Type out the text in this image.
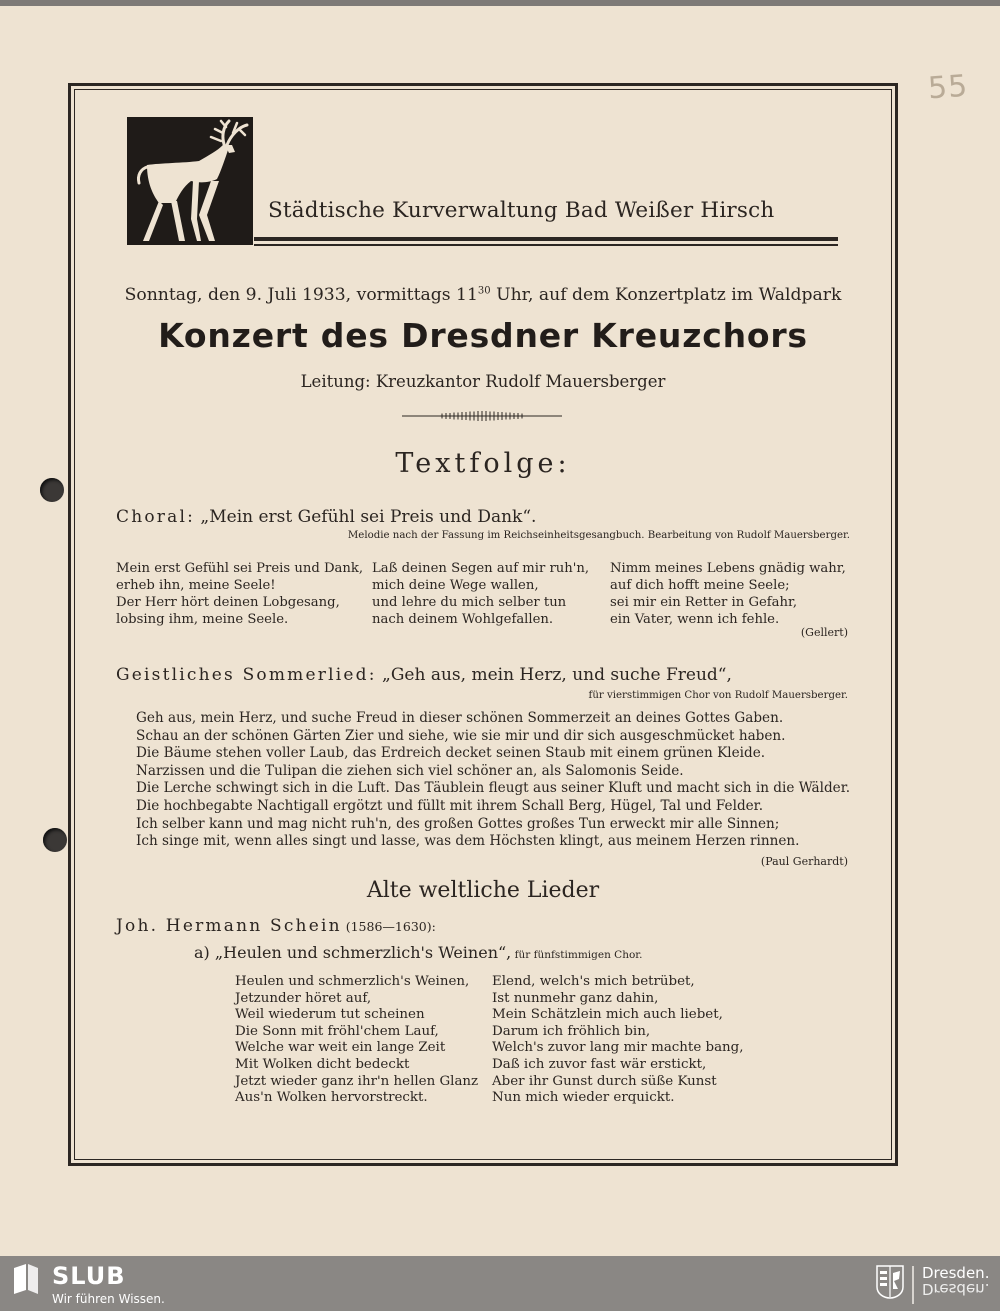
55
Städtische Kurverwaltung Bad Weißer Hirsch
Sonntag, den 9. Juli 1933, vormittags $11^{30}$ Uhr, auf dem Konzertplatz im Waldpark
Konzert des Dresdner Kreuzchors
Leitung: Kreuzkantor Rudolf Mauersberger
Textfolge:
Choral: „Mein erst Gefühl sei Preis und Dank“.
Melodie nach der Fassung im Reichseinheitsgesangbuch. Bearbeitung von Rudolf Mauersberger.
Mein erst Gefühl sei Preis und Dank,
erheb ihn, meine Seele!
Der Herr hört deinen Lobgesang,
lobsing ihm, meine Seele.
Laß deinen Segen auf mir ruh'n,
mich deine Wege wallen,
und lehre du mich selber tun
nach deinem Wohlgefallen.
Nimm meines Lebens gnädig wahr,
auf dich hofft meine Seele;
sei mir ein Retter in Gefahr,
ein Vater, wenn ich fehle.
(Gellert)
Geistliches Sommerlied: „Geh aus, mein Herz, und suche Freud“,
für vierstimmigen Chor von Rudolf Mauersberger.
Geh aus, mein Herz, und suche Freud in dieser schönen Sommerzeit an deines Gottes Gaben.
Schau an der schönen Gärten Zier und siehe, wie sie mir und dir sich ausgeschmücket haben.
Die Bäume stehen voller Laub, das Erdreich decket seinen Staub mit einem grünen Kleide.
Narzissen und die Tulipan die ziehen sich viel schöner an, als Salomonis Seide.
Die Lerche schwingt sich in die Luft. Das Täublein fleugt aus seiner Kluft und macht sich in die Wälder.
Die hochbegabte Nachtigall ergötzt und füllt mit ihrem Schall Berg, Hügel, Tal und Felder.
Ich selber kann und mag nicht ruh'n, des großen Gottes großes Tun erweckt mir alle Sinnen;
Ich singe mit, wenn alles singt und lasse, was dem Höchsten klingt, aus meinem Herzen rinnen.
(Paul Gerhardt)
Alte weltliche Lieder
Joh. Hermann Schein (1586—1630):
a) „Heulen und schmerzlich's Weinen“, für fünfstimmigen Chor.
Heulen und schmerzlich's Weinen,
Jetzunder höret auf,
Weil wiederum tut scheinen
Die Sonn mit fröhl'chem Lauf,
Welche war weit ein lange Zeit
Mit Wolken dicht bedeckt
Jetzt wieder ganz ihr'n hellen Glanz
Aus'n Wolken hervorstreckt.
Elend, welch's mich betrübet,
Ist nunmehr ganz dahin,
Mein Schätzlein mich auch liebet,
Darum ich fröhlich bin,
Welch's zuvor lang mir machte bang,
Daß ich zuvor fast wär erstickt,
Aber ihr Gunst durch süße Kunst
Nun mich wieder erquickt.
SLUB
Wir führen Wissen.
Dresden.
Dresden.
